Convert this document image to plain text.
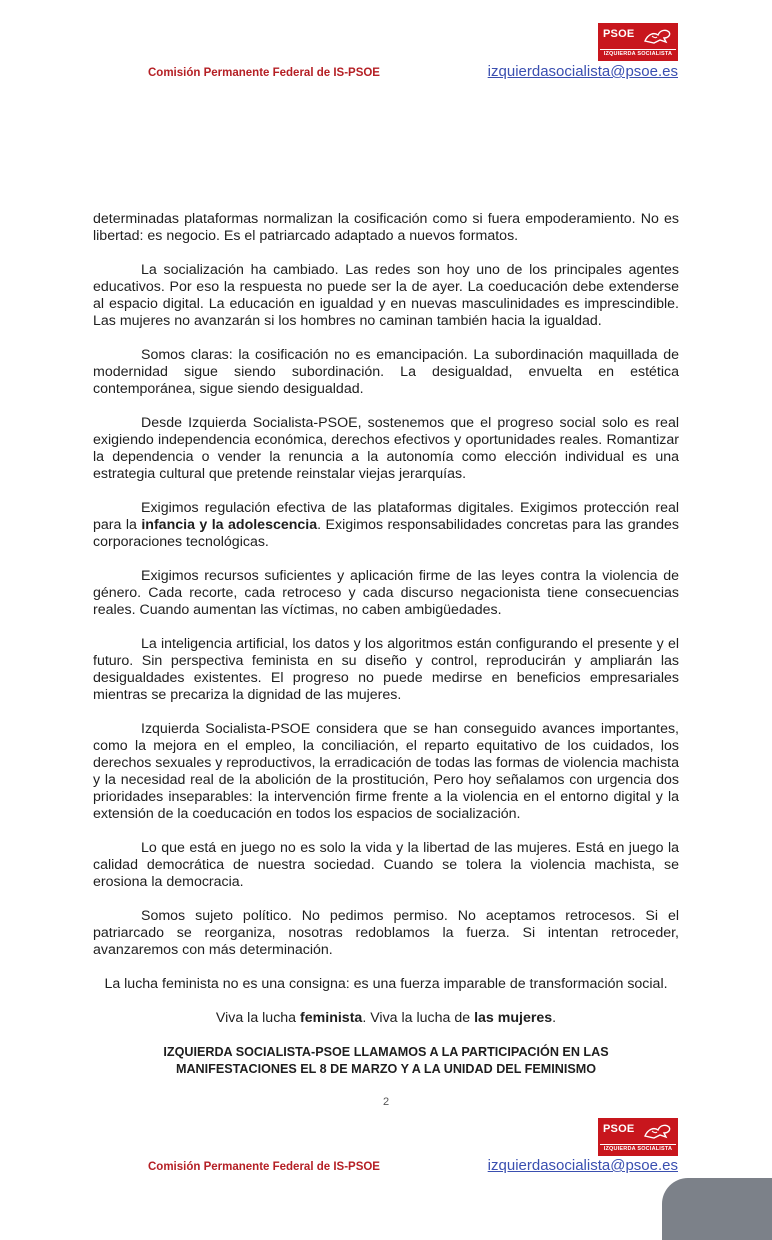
PSOE
IZQUIERDA SOCIALISTA
Comisión Permanente Federal de IS-PSOE	izquierdasocialista@psoe.es

determinadas plataformas normalizan la cosificación como si fuera empoderamiento. No es libertad: es negocio. Es el patriarcado adaptado a nuevos formatos.

La socialización ha cambiado. Las redes son hoy uno de los principales agentes educativos. Por eso la respuesta no puede ser la de ayer. La coeducación debe extenderse al espacio digital. La educación en igualdad y en nuevas masculinidades es imprescindible. Las mujeres no avanzarán si los hombres no caminan también hacia la igualdad.

Somos claras: la cosificación no es emancipación. La subordinación maquillada de modernidad sigue siendo subordinación. La desigualdad, envuelta en estética contemporánea, sigue siendo desigualdad.

Desde Izquierda Socialista-PSOE, sostenemos que el progreso social solo es real exigiendo independencia económica, derechos efectivos y oportunidades reales. Romantizar la dependencia o vender la renuncia a la autonomía como elección individual es una estrategia cultural que pretende reinstalar viejas jerarquías.

Exigimos regulación efectiva de las plataformas digitales. Exigimos protección real para la infancia y la adolescencia. Exigimos responsabilidades concretas para las grandes corporaciones tecnológicas.

Exigimos recursos suficientes y aplicación firme de las leyes contra la violencia de género. Cada recorte, cada retroceso y cada discurso negacionista tiene consecuencias reales. Cuando aumentan las víctimas, no caben ambigüedades.

La inteligencia artificial, los datos y los algoritmos están configurando el presente y el futuro. Sin perspectiva feminista en su diseño y control, reproducirán y ampliarán las desigualdades existentes. El progreso no puede medirse en beneficios empresariales mientras se precariza la dignidad de las mujeres.

Izquierda Socialista-PSOE considera que se han conseguido avances importantes, como la mejora en el empleo, la conciliación, el reparto equitativo de los cuidados, los derechos sexuales y reproductivos, la erradicación de todas las formas de violencia machista y la necesidad real de la abolición de la prostitución, Pero hoy señalamos con urgencia dos prioridades inseparables: la intervención firme frente a la violencia en el entorno digital y la extensión de la coeducación en todos los espacios de socialización.

Lo que está en juego no es solo la vida y la libertad de las mujeres. Está en juego la calidad democrática de nuestra sociedad. Cuando se tolera la violencia machista, se erosiona la democracia.

Somos sujeto político. No pedimos permiso. No aceptamos retrocesos. Si el patriarcado se reorganiza, nosotras redoblamos la fuerza. Si intentan retroceder, avanzaremos con más determinación.

La lucha feminista no es una consigna: es una fuerza imparable de transformación social.

Viva la lucha feminista. Viva la lucha de las mujeres.

IZQUIERDA SOCIALISTA-PSOE LLAMAMOS A LA PARTICIPACIÓN EN LAS
MANIFESTACIONES EL 8 DE MARZO Y A LA UNIDAD DEL FEMINISMO

2
PSOE
IZQUIERDA SOCIALISTA
Comisión Permanente Federal de IS-PSOE	izquierdasocialista@psoe.es
